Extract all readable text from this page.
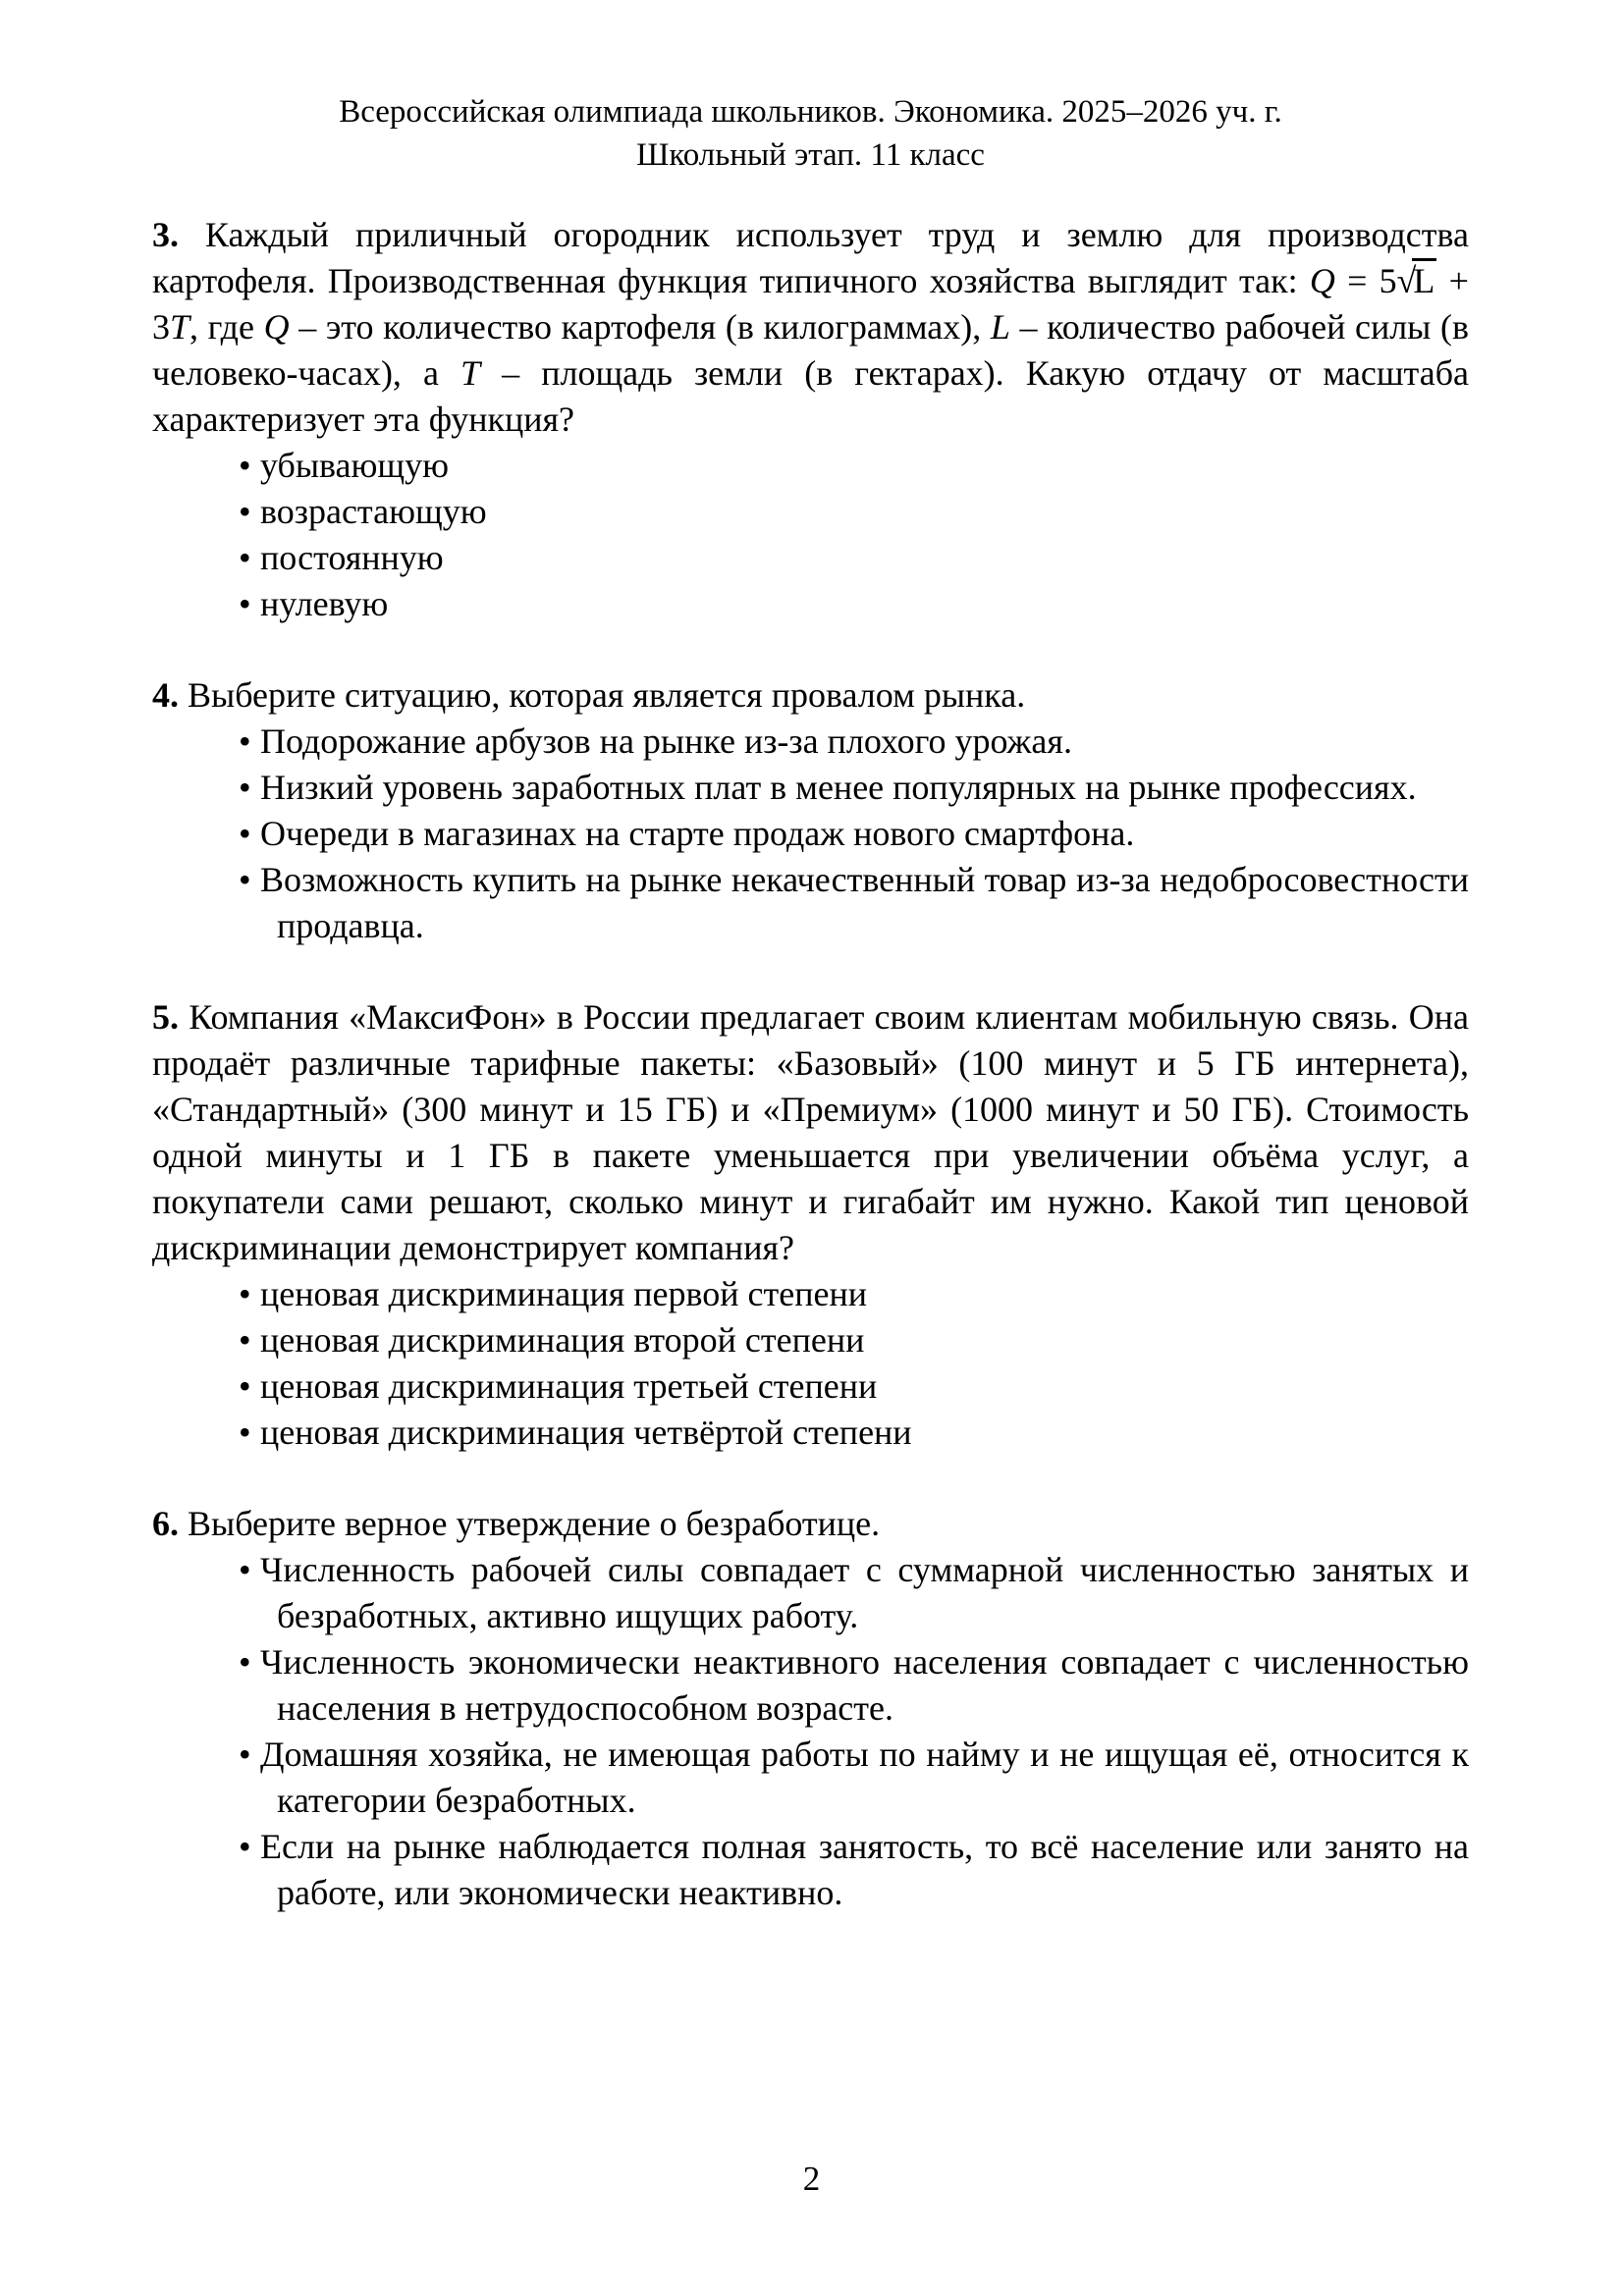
Всероссийская олимпиада школьников. Экономика. 2025–2026 уч. г.
Школьный этап. 11 класс

3. Каждый приличный огородник использует труд и землю для производства картофеля. Производственная функция типичного хозяйства выглядит так: Q = 5√L + 3T, где Q – это количество картофеля (в килограммах), L – количество рабочей силы (в человеко-часах), а T – площадь земли (в гектарах). Какую отдачу от масштаба характеризует эта функция?

• убывающую
• возрастающую
• постоянную
• нулевую

4. Выберите ситуацию, которая является провалом рынка.

• Подорожание арбузов на рынке из-за плохого урожая.
• Низкий уровень заработных плат в менее популярных на рынке профессиях.
• Очереди в магазинах на старте продаж нового смартфона.
• Возможность купить на рынке некачественный товар из-за недобросовестности продавца.

5. Компания «МаксиФон» в России предлагает своим клиентам мобильную связь. Она продаёт различные тарифные пакеты: «Базовый» (100 минут и 5 ГБ интернета), «Стандартный» (300 минут и 15 ГБ) и «Премиум» (1000 минут и 50 ГБ). Стоимость одной минуты и 1 ГБ в пакете уменьшается при увеличении объёма услуг, а покупатели сами решают, сколько минут и гигабайт им нужно. Какой тип ценовой дискриминации демонстрирует компания?

• ценовая дискриминация первой степени
• ценовая дискриминация второй степени
• ценовая дискриминация третьей степени
• ценовая дискриминация четвёртой степени

6. Выберите верное утверждение о безработице.

• Численность рабочей силы совпадает с суммарной численностью занятых и безработных, активно ищущих работу.
• Численность экономически неактивного населения совпадает с численностью населения в нетрудоспособном возрасте.
• Домашняя хозяйка, не имеющая работы по найму и не ищущая её, относится к категории безработных.
• Если на рынке наблюдается полная занятость, то всё население или занято на работе, или экономически неактивно.
2
